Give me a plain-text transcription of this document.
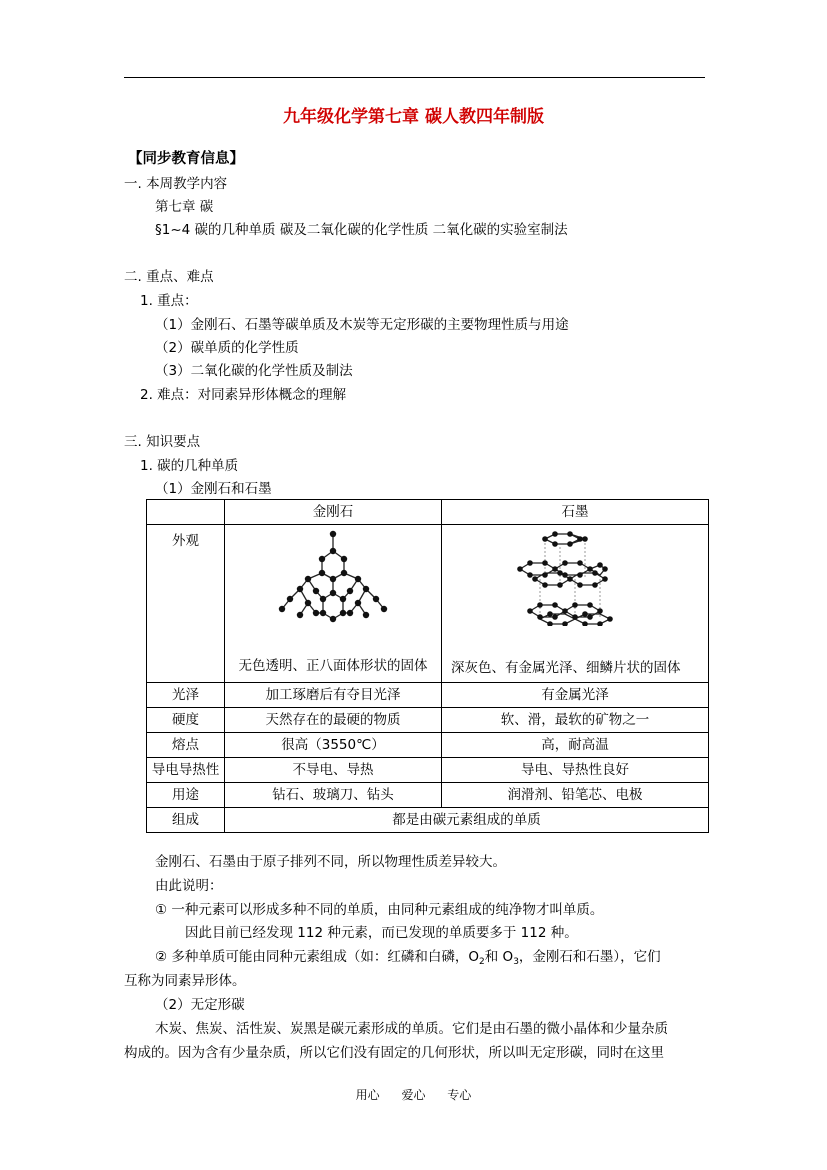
九年级化学第七章 碳人教四年制版
【同步教育信息】
一. 本周教学内容
第七章 碳
§1~4 碳的几种单质 碳及二氧化碳的化学性质 二氧化碳的实验室制法
二. 重点、难点
1. 重点：
（1）金刚石、石墨等碳单质及木炭等无定形碳的主要物理性质与用途
（2）碳单质的化学性质
（3）二氧化碳的化学性质及制法
2. 难点：对同素异形体概念的理解
三. 知识要点
1. 碳的几种单质
（1）金刚石和石墨
	金刚石	石墨
外观	无色透明、正八面体形状的固体	深灰色、有金属光泽、细鳞片状的固体

光泽	加工琢磨后有夺目光泽	有金属光泽
硬度	天然存在的最硬的物质	软、滑，最软的矿物之一
熔点	很高（3550℃）	高，耐高温
导电导热性	不导电、导热	导电、导热性良好
用途	钻石、玻璃刀、钻头	润滑剂、铅笔芯、电极
组成	都是由碳元素组成的单质	
金刚石、石墨由于原子排列不同，所以物理性质差异较大。
由此说明：
① 一种元素可以形成多种不同的单质，由同种元素组成的纯净物才叫单质。
因此目前已经发现 112 种元素，而已发现的单质要多于 112 种。
② 多种单质可能由同种元素组成（如：红磷和白磷，$O_2$和 $O_3$，金刚石和石墨），它们
互称为同素异形体。
（2）无定形碳
木炭、焦炭、活性炭、炭黑是碳元素形成的单质。它们是由石墨的微小晶体和少量杂质
构成的。因为含有少量杂质，所以它们没有固定的几何形状，所以叫无定形碳，同时在这里
用心 爱心 专心
